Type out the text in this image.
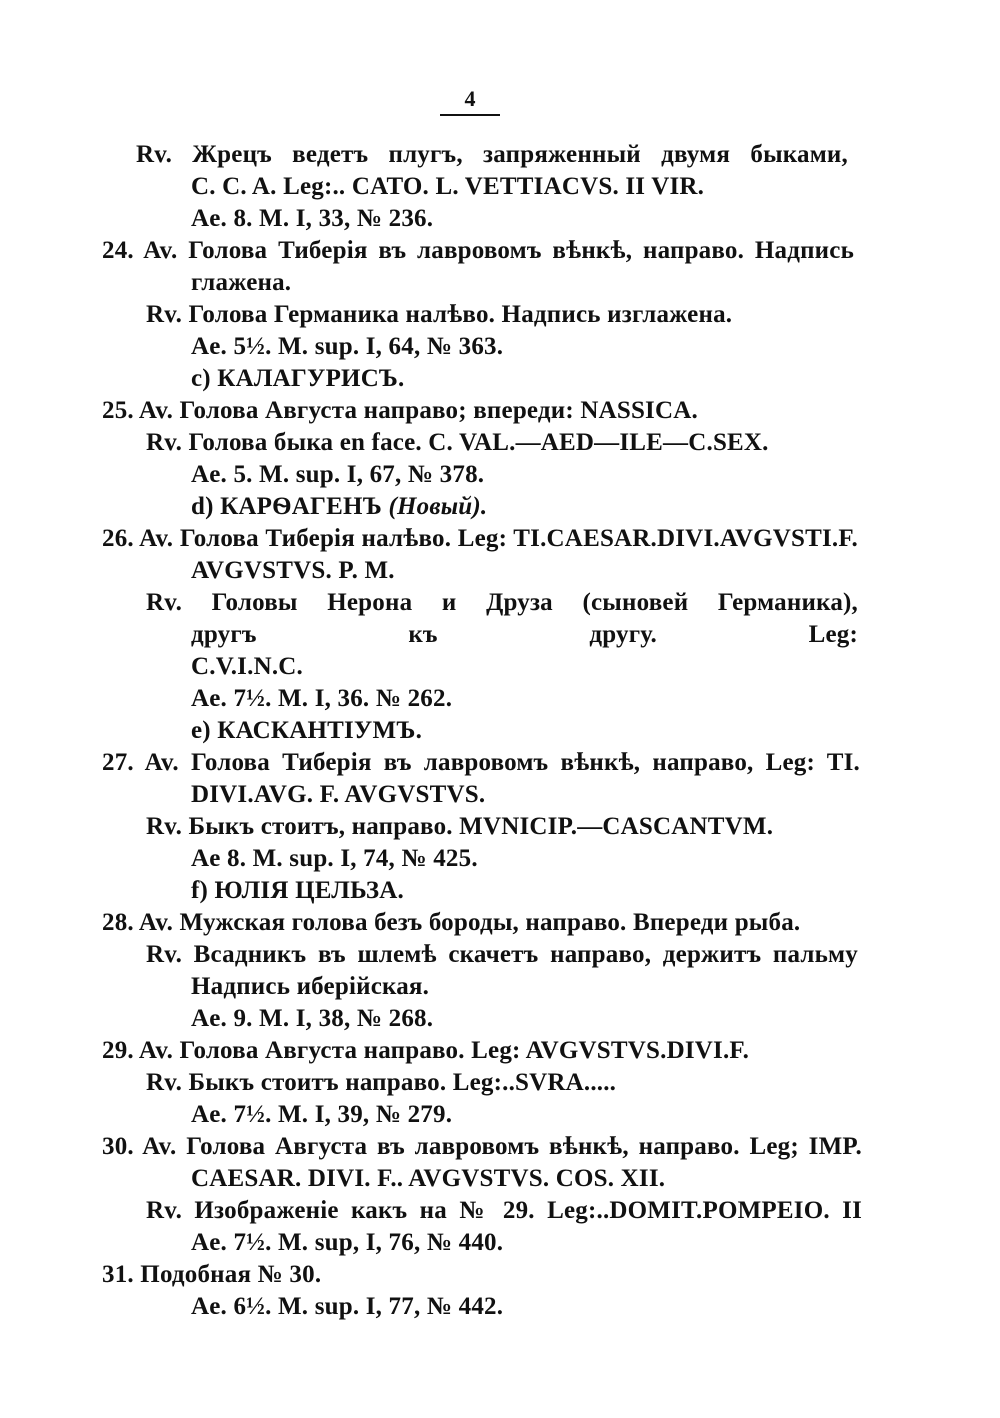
4
Rv. Жрецъ ведетъ плугъ, запряженный двумя быками,
C. C. A. Leg:.. CATO. L. VETTIACVS. II VIR.
Ae. 8. M. I, 33, № 236.
24. Av. Голова Тиберія въ лавровомъ вѣнкѣ, направо. Надпись
глажена.
Rv. Голова Германика налѣво. Надпись изглажена.
Ae. 5½. M. sup. I, 64, № 363.
c) КАЛАГУРИСЪ.
25. Av. Голова Августа направо; впереди: NASSICA.
Rv. Голова быка en face. C. VAL.—AED—ILE—C.SEX.
Ae. 5. M. sup. I, 67, № 378.
d) КАРѲАГЕНЪ (Новый).
26. Av. Голова Тиберія налѣво. Leg: TI.CAESAR.DIVI.AVGVSTI.F.
AVGVSTVS. P. M.
Rv. Головы Нерона и Друза (сыновей Германика),
другъ къ другу. Leg:
C.V.I.N.C.
Ae. 7½. M. I, 36. № 262.
e) КАСКАНТІУМЪ.
27. Av. Голова Тиберія въ лавровомъ вѣнкѣ, направо, Leg: TI.
DIVI.AVG. F. AVGVSTVS.
Rv. Быкъ стоитъ, направо. MVNICIP.—CASCANTVM.
Ae 8. M. sup. I, 74, № 425.
f) ЮЛІЯ ЦЕЛЬЗА.
28. Av. Мужская голова безъ бороды, направо. Впереди рыба.
Rv. Всадникъ въ шлемѣ скачетъ направо, держитъ пальму
Надпись иберійская.
Ae. 9. M. I, 38, № 268.
29. Av. Голова Августа направо. Leg: AVGVSTVS.DIVI.F.
Rv. Быкъ стоитъ направо. Leg:..SVRA.....
Ae. 7½. M. I, 39, № 279.
30. Av. Голова Августа въ лавровомъ вѣнкѣ, направо. Leg; IMP.
CAESAR. DIVI. F.. AVGVSTVS. COS. XII.
Rv. Изображеніе какъ на № 29. Leg:..DOMIT.POMPEIO. II
Ae. 7½. M. sup, I, 76, № 440.
31. Подобная № 30.
Ae. 6½. M. sup. I, 77, № 442.
